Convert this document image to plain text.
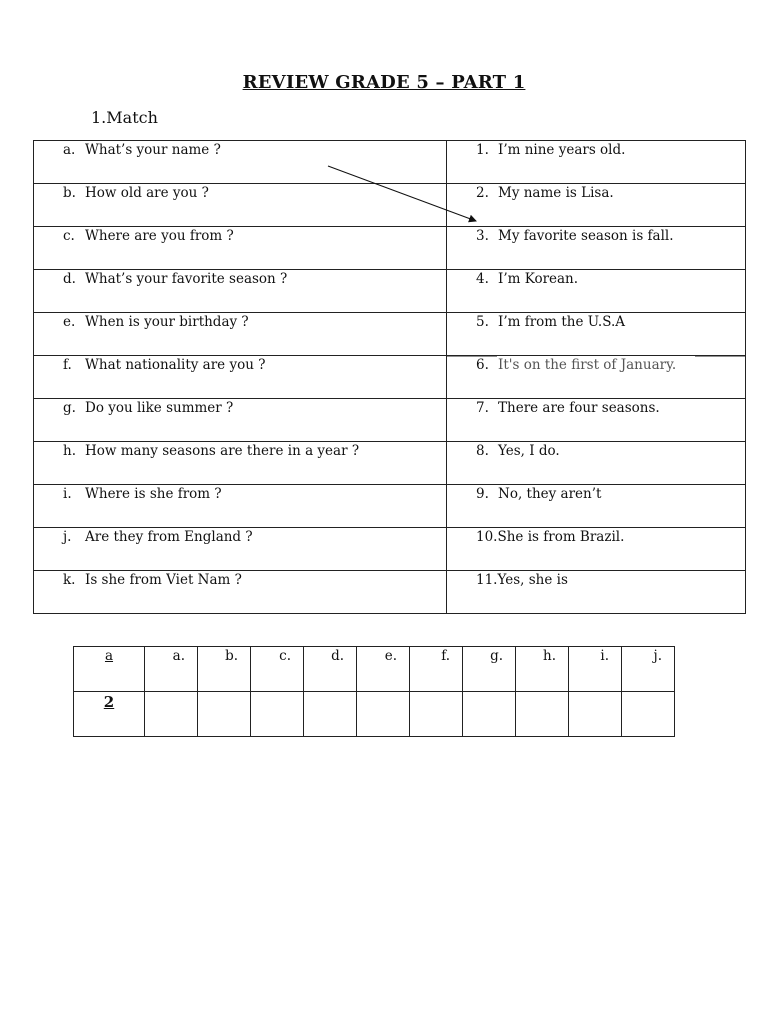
REVIEW GRADE 5 – PART 1
1.Match
a. What’s your name ?	1. I’m nine years old.

b. How old are you ?	2. My name is Lisa.

c. Where are you from ?	3. My favorite season is fall.

d. What’s your favorite season ?	4. I’m Korean.

e. When is your birthday ?	5. I’m from the U.S.A

f. What nationality are you ?	6. It's on the first of January.

g. Do you like summer ?	7. There are four seasons.

h. How many seasons are there in a year ?	8. Yes, I do.

i. Where is she from ?	9. No, they aren’t

j. Are they from England ?	10. She is from Brazil.

k. Is she from Viet Nam ?	11. Yes, she is
a	a.	b.	c.	d.	e.	f.	g.	h.	i.	j.
2										
